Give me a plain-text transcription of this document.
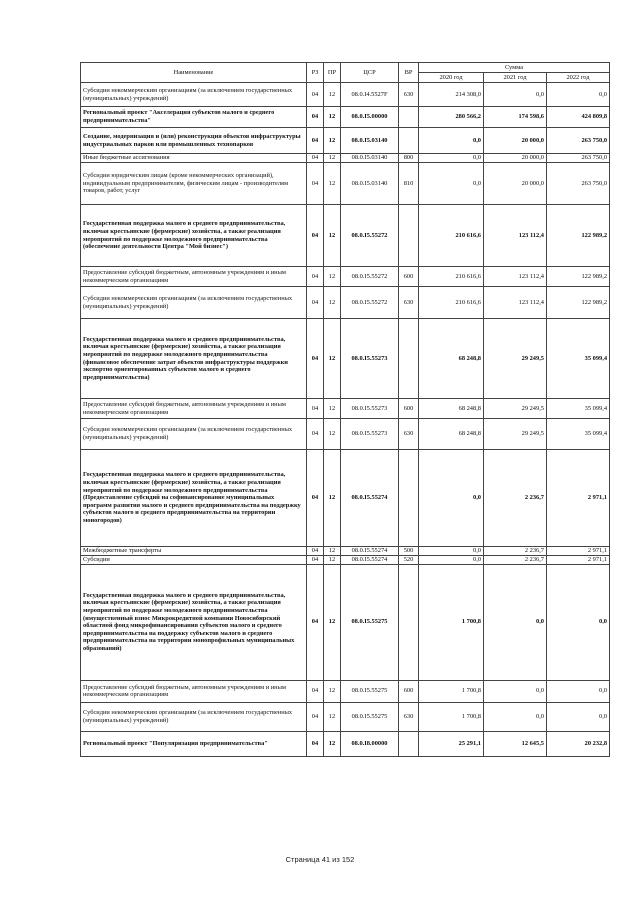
Наименование	РЗ	ПР	ЦСР	ВР	Сумма		
					2020 год	2021 год	2022 год
Субсидии некоммерческим организациям (за исключением государственных (муниципальных) учреждений)	04	12	08.0.I4.5527F	630	214 308,0	0,0	0,0
Региональный проект "Акселерация субъектов малого и среднего предпринимательства"	04	12	08.0.I5.00000		280 566,2	174 598,6	424 809,8
Создание, модернизация и (или) реконструкция объектов инфраструктуры индустриальных парков или промышленных технопарков	04	12	08.0.I5.03140		0,0	20 000,0	263 750,0
Иные бюджетные ассигнования	04	12	08.0.I5.03140	800	0,0	20 000,0	263 750,0
Субсидии юридическим лицам (кроме некоммерческих организаций), индивидуальным предпринимателям, физическим лицам - производителям товаров, работ, услуг	04	12	08.0.I5.03140	810	0,0	20 000,0	263 750,0
Государственная поддержка малого и среднего предпринимательства, включая крестьянские (фермерские) хозяйства, а также реализация мероприятий по поддержке молодежного предпринимательства (обеспечение деятельности Центра "Мой бизнес")	04	12	08.0.I5.55272		210 616,6	123 112,4	122 989,2
Предоставление субсидий бюджетным, автономным учреждениям и иным некоммерческим организациям	04	12	08.0.I5.55272	600	210 616,6	123 112,4	122 989,2
Субсидии некоммерческим организациям (за исключением государственных (муниципальных) учреждений)	04	12	08.0.I5.55272	630	210 616,6	123 112,4	122 989,2
Государственная поддержка малого и среднего предпринимательства, включая крестьянские (фермерские) хозяйства, а также реализация мероприятий по поддержке молодежного предпринимательства (финансовое обеспечение затрат объектов инфраструктуры поддержки экспортно ориентированных субъектов малого и среднего предпринимательства)	04	12	08.0.I5.55273		68 248,8	29 249,5	35 099,4
Предоставление субсидий бюджетным, автономным учреждениям и иным некоммерческим организациям	04	12	08.0.I5.55273	600	68 248,8	29 249,5	35 099,4
Субсидии некоммерческим организациям (за исключением государственных (муниципальных) учреждений)	04	12	08.0.I5.55273	630	68 248,8	29 249,5	35 099,4
Государственная поддержка малого и среднего предпринимательства, включая крестьянские (фермерские) хозяйства, а также реализация мероприятий по поддержке молодежного предпринимательства (Предоставление субсидий на софинансирование муниципальных программ развития малого и среднего предпринимательства на поддержку субъектов малого и среднего предпринимательства на территории моногородов)	04	12	08.0.I5.55274		0,0	2 236,7	2 971,1
Межбюджетные трансферты	04	12	08.0.I5.55274	500	0,0	2 236,7	2 971,1
Субсидии	04	12	08.0.I5.55274	520	0,0	2 236,7	2 971,1
Государственная поддержка малого и среднего предпринимательства, включая крестьянские (фермерские) хозяйства, а также реализация мероприятий по поддержке молодежного предпринимательства (имущественный взнос Микрокредитной компании Новосибирский областной фонд микрофинансирования субъектов малого и среднего предпринимательства на поддержку субъектов малого и среднего предпринимательства на территории монопрофильных муниципальных образований)	04	12	08.0.I5.55275		1 700,8	0,0	0,0
Предоставление субсидий бюджетным, автономным учреждениям и иным некоммерческим организациям	04	12	08.0.I5.55275	600	1 700,8	0,0	0,0
Субсидии некоммерческим организациям (за исключением государственных (муниципальных) учреждений)	04	12	08.0.I5.55275	630	1 700,8	0,0	0,0
Региональный проект "Популяризация предпринимательства"	04	12	08.0.I8.00000		25 291,1	12 645,5	20 232,8
Страница 41 из 152
